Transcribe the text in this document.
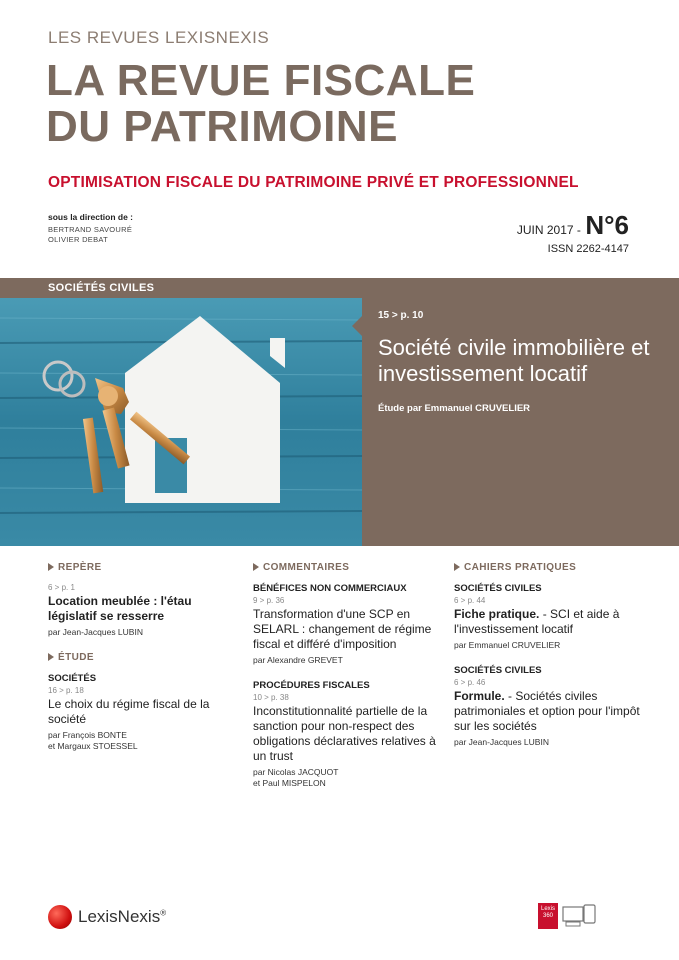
LES REVUES LEXISNEXIS
LA REVUE FISCALE
DU PATRIMOINE
OPTIMISATION FISCALE DU PATRIMOINE PRIVÉ ET PROFESSIONNEL
sous la direction de :
BERTRAND SAVOURÉ
OLIVIER DEBAT
JUIN 2017 - N°6
ISSN 2262-4147
SOCIÉTÉS CIVILES
15 > p. 10
Société civile immobilière et investissement locatif
Étude par Emmanuel CRUVELIER
REPÈRE
6 > p. 1
Location meublée : l'étau législatif se resserre
par Jean-Jacques LUBIN
ÉTUDE
SOCIÉTÉS
16 > p. 18
Le choix du régime fiscal de la société
par François BONTE
et Margaux STOESSEL
COMMENTAIRES
BÉNÉFICES NON COMMERCIAUX
9 > p. 36
Transformation d'une SCP en SELARL : changement de régime fiscal et différé d'imposition
par Alexandre GREVET
PROCÉDURES FISCALES
10 > p. 38
Inconstitutionnalité partielle de la sanction pour non-respect des obligations déclaratives relatives à un trust
par Nicolas JACQUOT
et Paul MISPELON
CAHIERS PRATIQUES
SOCIÉTÉS CIVILES
6 > p. 44
Fiche pratique. - SCI et aide à l'investissement locatif
par Emmanuel CRUVELIER
SOCIÉTÉS CIVILES
6 > p. 46
Formule. - Sociétés civiles patrimoniales et option pour l'impôt sur les sociétés
par Jean-Jacques LUBIN
LexisNexis®	Lexis 360
